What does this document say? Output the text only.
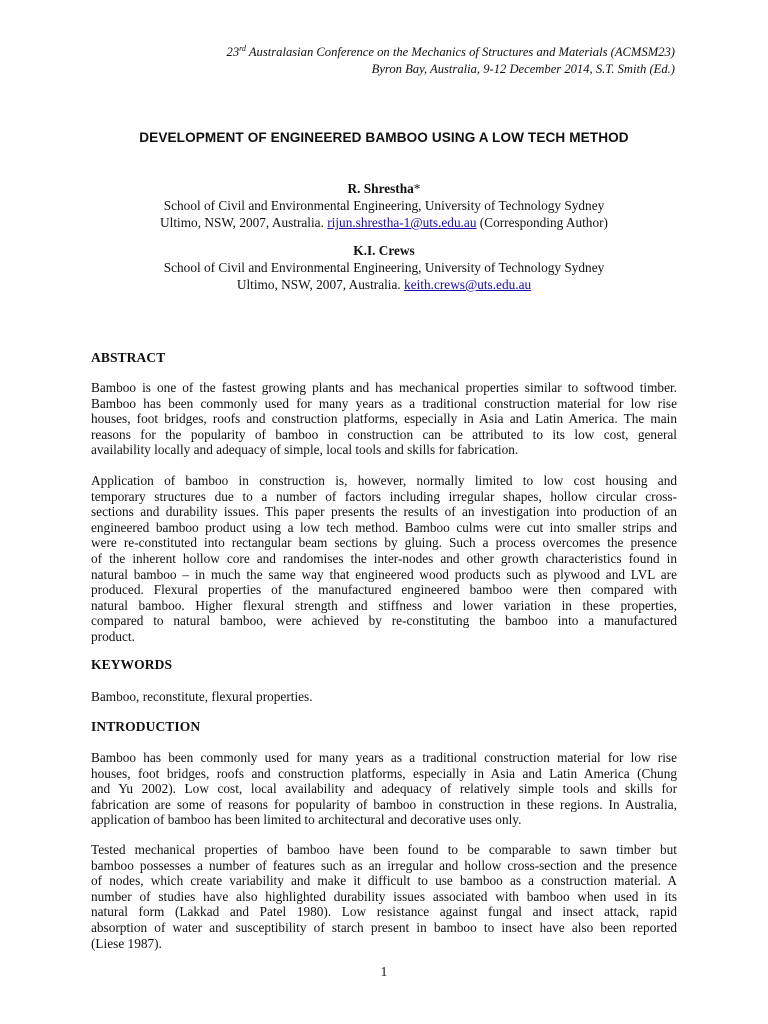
23rd Australasian Conference on the Mechanics of Structures and Materials (ACMSM23)
Byron Bay, Australia, 9-12 December 2014, S.T. Smith (Ed.)
DEVELOPMENT OF ENGINEERED BAMBOO USING A LOW TECH METHOD
R. Shrestha*
School of Civil and Environmental Engineering, University of Technology Sydney
Ultimo, NSW, 2007, Australia. rijun.shrestha-1@uts.edu.au (Corresponding Author)
K.I. Crews
School of Civil and Environmental Engineering, University of Technology Sydney
Ultimo, NSW, 2007, Australia. keith.crews@uts.edu.au
ABSTRACT
Bamboo is one of the fastest growing plants and has mechanical properties similar to softwood timber.
Bamboo has been commonly used for many years as a traditional construction material for low rise
houses, foot bridges, roofs and construction platforms, especially in Asia and Latin America. The main
reasons for the popularity of bamboo in construction can be attributed to its low cost, general
availability locally and adequacy of simple, local tools and skills for fabrication.
Application of bamboo in construction is, however, normally limited to low cost housing and
temporary structures due to a number of factors including irregular shapes, hollow circular cross-
sections and durability issues. This paper presents the results of an investigation into production of an
engineered bamboo product using a low tech method. Bamboo culms were cut into smaller strips and
were re-constituted into rectangular beam sections by gluing. Such a process overcomes the presence
of the inherent hollow core and randomises the inter-nodes and other growth characteristics found in
natural bamboo – in much the same way that engineered wood products such as plywood and LVL are
produced. Flexural properties of the manufactured engineered bamboo were then compared with
natural bamboo. Higher flexural strength and stiffness and lower variation in these properties,
compared to natural bamboo, were achieved by re-constituting the bamboo into a manufactured
product.
KEYWORDS
Bamboo, reconstitute, flexural properties.
INTRODUCTION
Bamboo has been commonly used for many years as a traditional construction material for low rise
houses, foot bridges, roofs and construction platforms, especially in Asia and Latin America (Chung
and Yu 2002). Low cost, local availability and adequacy of relatively simple tools and skills for
fabrication are some of reasons for popularity of bamboo in construction in these regions. In Australia,
application of bamboo has been limited to architectural and decorative uses only.
Tested mechanical properties of bamboo have been found to be comparable to sawn timber but
bamboo possesses a number of features such as an irregular and hollow cross-section and the presence
of nodes, which create variability and make it difficult to use bamboo as a construction material. A
number of studies have also highlighted durability issues associated with bamboo when used in its
natural form (Lakkad and Patel 1980). Low resistance against fungal and insect attack, rapid
absorption of water and susceptibility of starch present in bamboo to insect have also been reported
(Liese 1987).
1
